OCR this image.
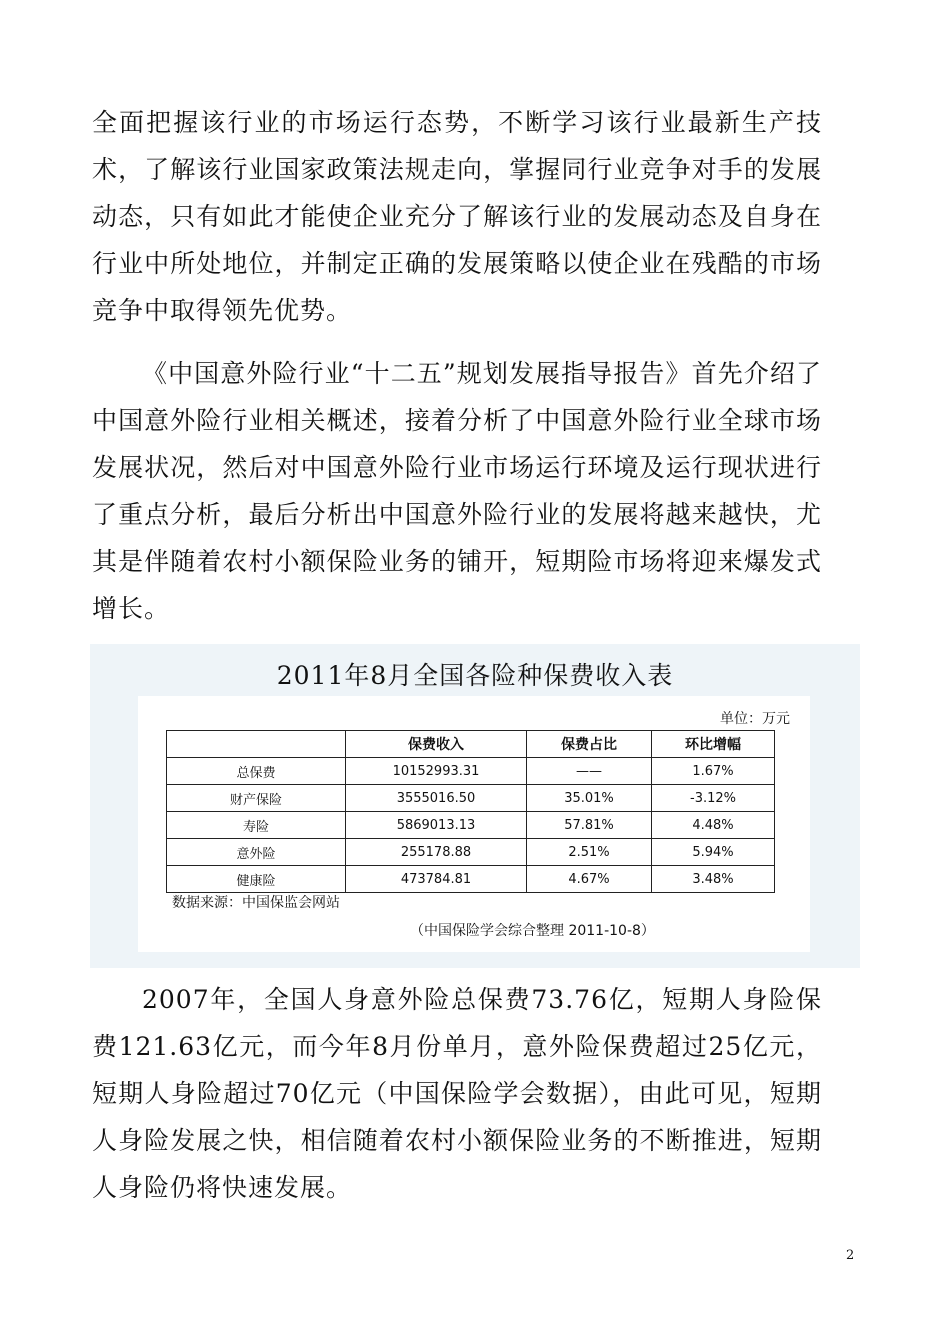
全面把握该行业的市场运行态势，不断学习该行业最新生产技术，了解该行业国家政策法规走向，掌握同行业竞争对手的发展动态，只有如此才能使企业充分了解该行业的发展动态及自身在行业中所处地位，并制定正确的发展策略以使企业在残酷的市场竞争中取得领先优势。

《中国意外险行业“十二五”规划发展指导报告》首先介绍了中国意外险行业相关概述，接着分析了中国意外险行业全球市场发展状况，然后对中国意外险行业市场运行环境及运行现状进行了重点分析，最后分析出中国意外险行业的发展将越来越快，尤其是伴随着农村小额保险业务的铺开，短期险市场将迎来爆发式增长。

2011年8月全国各险种保费收入表
单位：万元
	保费收入	保费占比	环比增幅
总保费	10152993.31	——	1.67%
财产保险	3555016.50	35.01%	-3.12%
寿险	5869013.13	57.81%	4.48%
意外险	255178.88	2.51%	5.94%
健康险	473784.81	4.67%	3.48%
数据来源：中国保监会网站
（中国保险学会综合整理 2011-10-8）

2007年，全国人身意外险总保费73.76亿，短期人身险保费121.63亿元，而今年8月份单月，意外险保费超过25亿元，短期人身险超过70亿元（中国保险学会数据），由此可见，短期人身险发展之快，相信随着农村小额保险业务的不断推进，短期人身险仍将快速发展。

2
